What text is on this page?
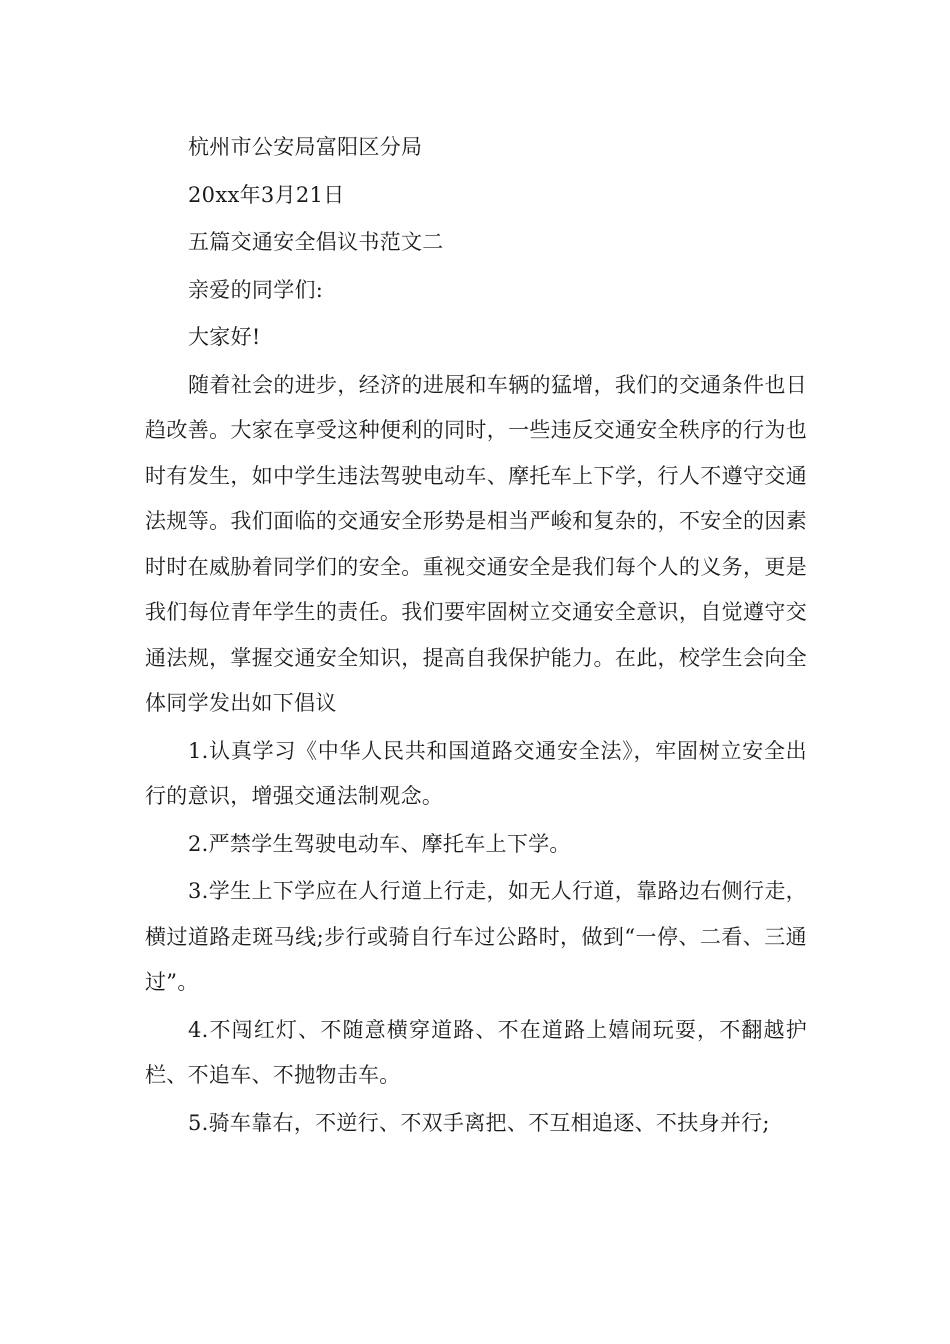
杭州市公安局富阳区分局

20xx年3月21日

五篇交通安全倡议书范文二

亲爱的同学们:

大家好!

随着社会的进步，经济的进展和车辆的猛增，我们的交通条件也日趋改善。大家在享受这种便利的同时，一些违反交通安全秩序的行为也时有发生，如中学生违法驾驶电动车、摩托车上下学，行人不遵守交通法规等。我们面临的交通安全形势是相当严峻和复杂的，不安全的因素时时在威胁着同学们的安全。重视交通安全是我们每个人的义务，更是我们每位青年学生的责任。我们要牢固树立交通安全意识，自觉遵守交通法规，掌握交通安全知识，提高自我保护能力。在此，校学生会向全体同学发出如下倡议

1.认真学习《中华人民共和国道路交通安全法》，牢固树立安全出行的意识，增强交通法制观念。

2.严禁学生驾驶电动车、摩托车上下学。

3.学生上下学应在人行道上行走，如无人行道，靠路边右侧行走，横过道路走斑马线;步行或骑自行车过公路时，做到“一停、二看、三通过”。

4.不闯红灯、不随意横穿道路、不在道路上嬉闹玩耍，不翻越护栏、不追车、不抛物击车。

5.骑车靠右，不逆行、不双手离把、不互相追逐、不扶身并行;
